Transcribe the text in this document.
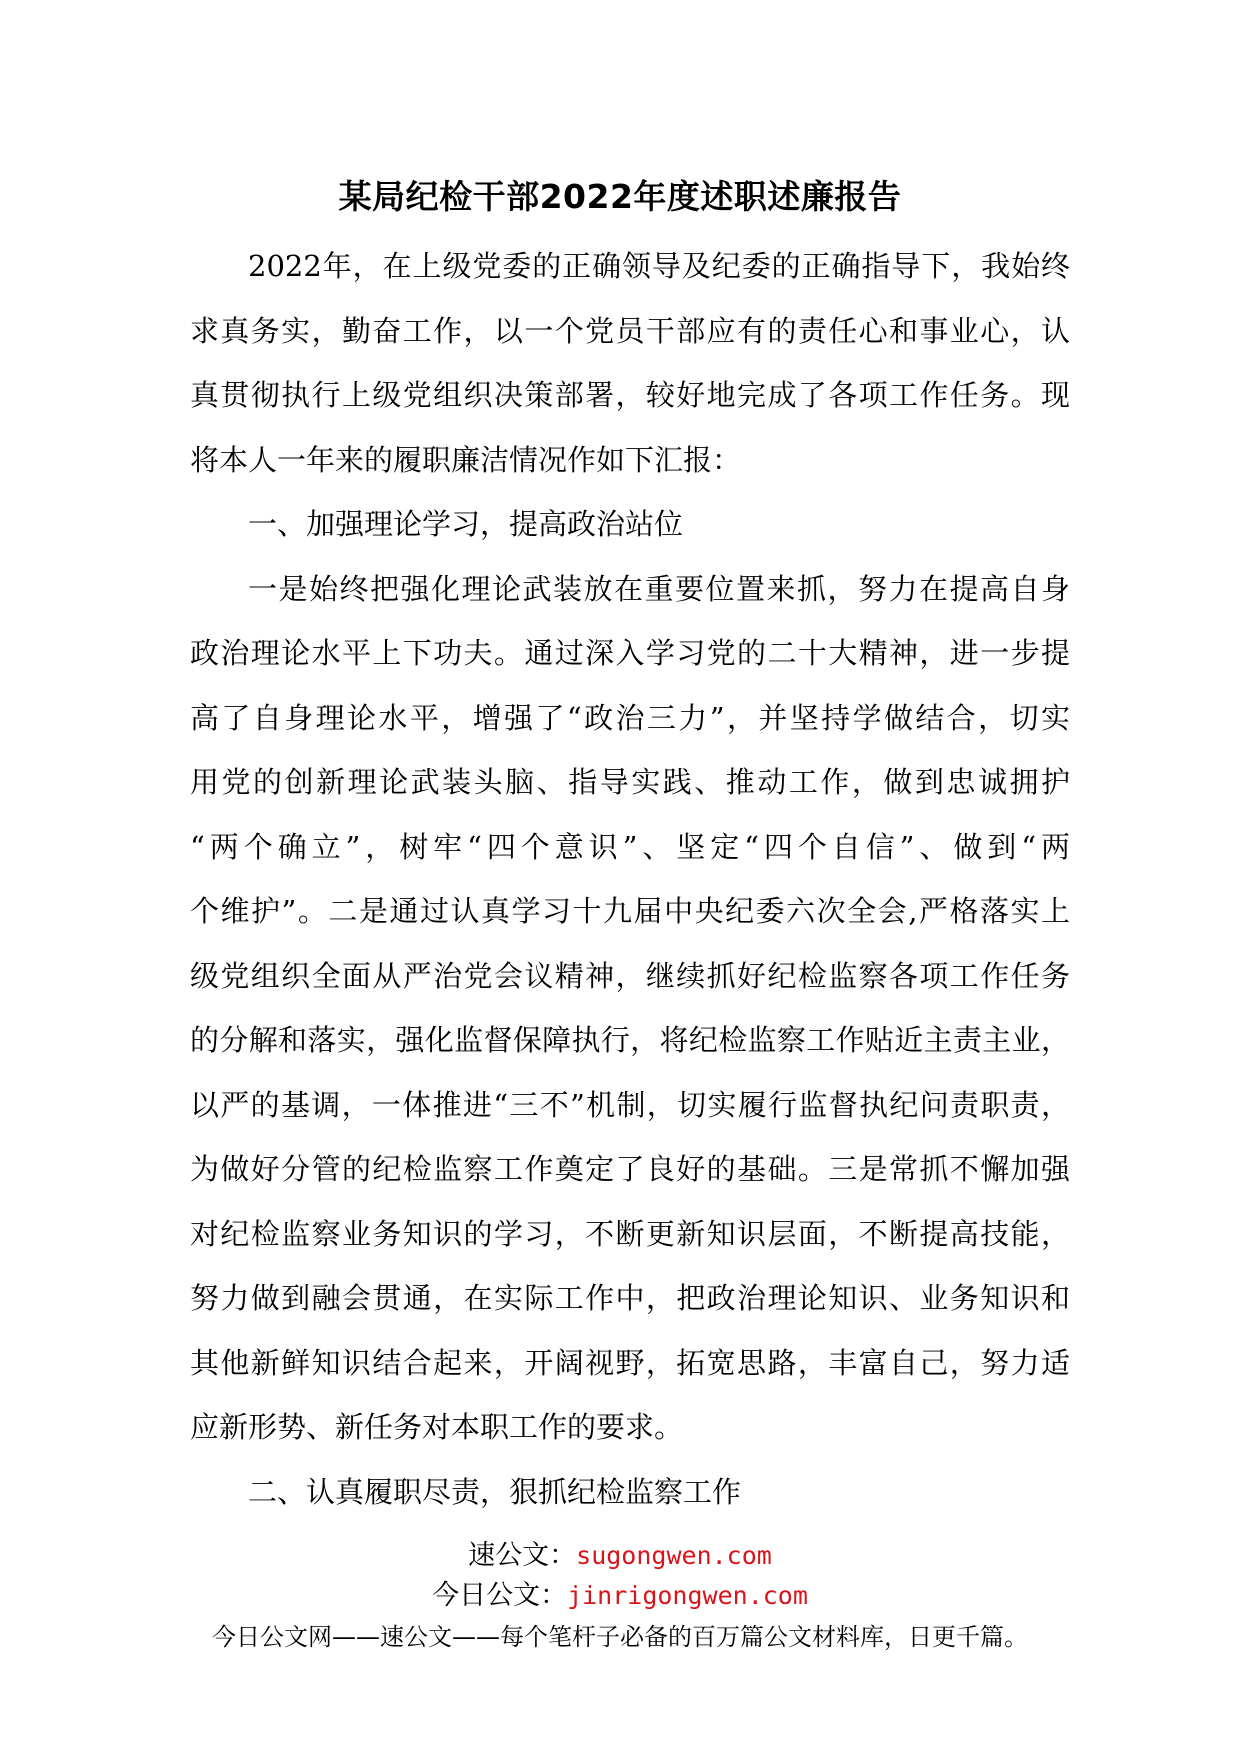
某局纪检干部2022年度述职述廉报告
2022年，在上级党委的正确领导及纪委的正确指导下，我始终
求真务实，勤奋工作，以一个党员干部应有的责任心和事业心，认
真贯彻执行上级党组织决策部署，较好地完成了各项工作任务。现
将本人一年来的履职廉洁情况作如下汇报：
一、加强理论学习，提高政治站位
一是始终把强化理论武装放在重要位置来抓，努力在提高自身
政治理论水平上下功夫。通过深入学习党的二十大精神，进一步提
高了自身理论水平，增强了“政治三力”，并坚持学做结合，切实
用党的创新理论武装头脑、指导实践、推动工作，做到忠诚拥护
“两个确立”，树牢“四个意识”、坚定“四个自信”、做到“两
个维护”。二是通过认真学习十九届中央纪委六次全会,严格落实上
级党组织全面从严治党会议精神，继续抓好纪检监察各项工作任务
的分解和落实，强化监督保障执行，将纪检监察工作贴近主责主业，
以严的基调，一体推进“三不”机制，切实履行监督执纪问责职责，
为做好分管的纪检监察工作奠定了良好的基础。三是常抓不懈加强
对纪检监察业务知识的学习，不断更新知识层面，不断提高技能，
努力做到融会贯通，在实际工作中，把政治理论知识、业务知识和
其他新鲜知识结合起来，开阔视野，拓宽思路，丰富自己，努力适
应新形势、新任务对本职工作的要求。
二、认真履职尽责，狠抓纪检监察工作
速公文：sugongwen.com
今日公文：jinrigongwen.com
今日公文网——速公文——每个笔杆子必备的百万篇公文材料库，日更千篇。
